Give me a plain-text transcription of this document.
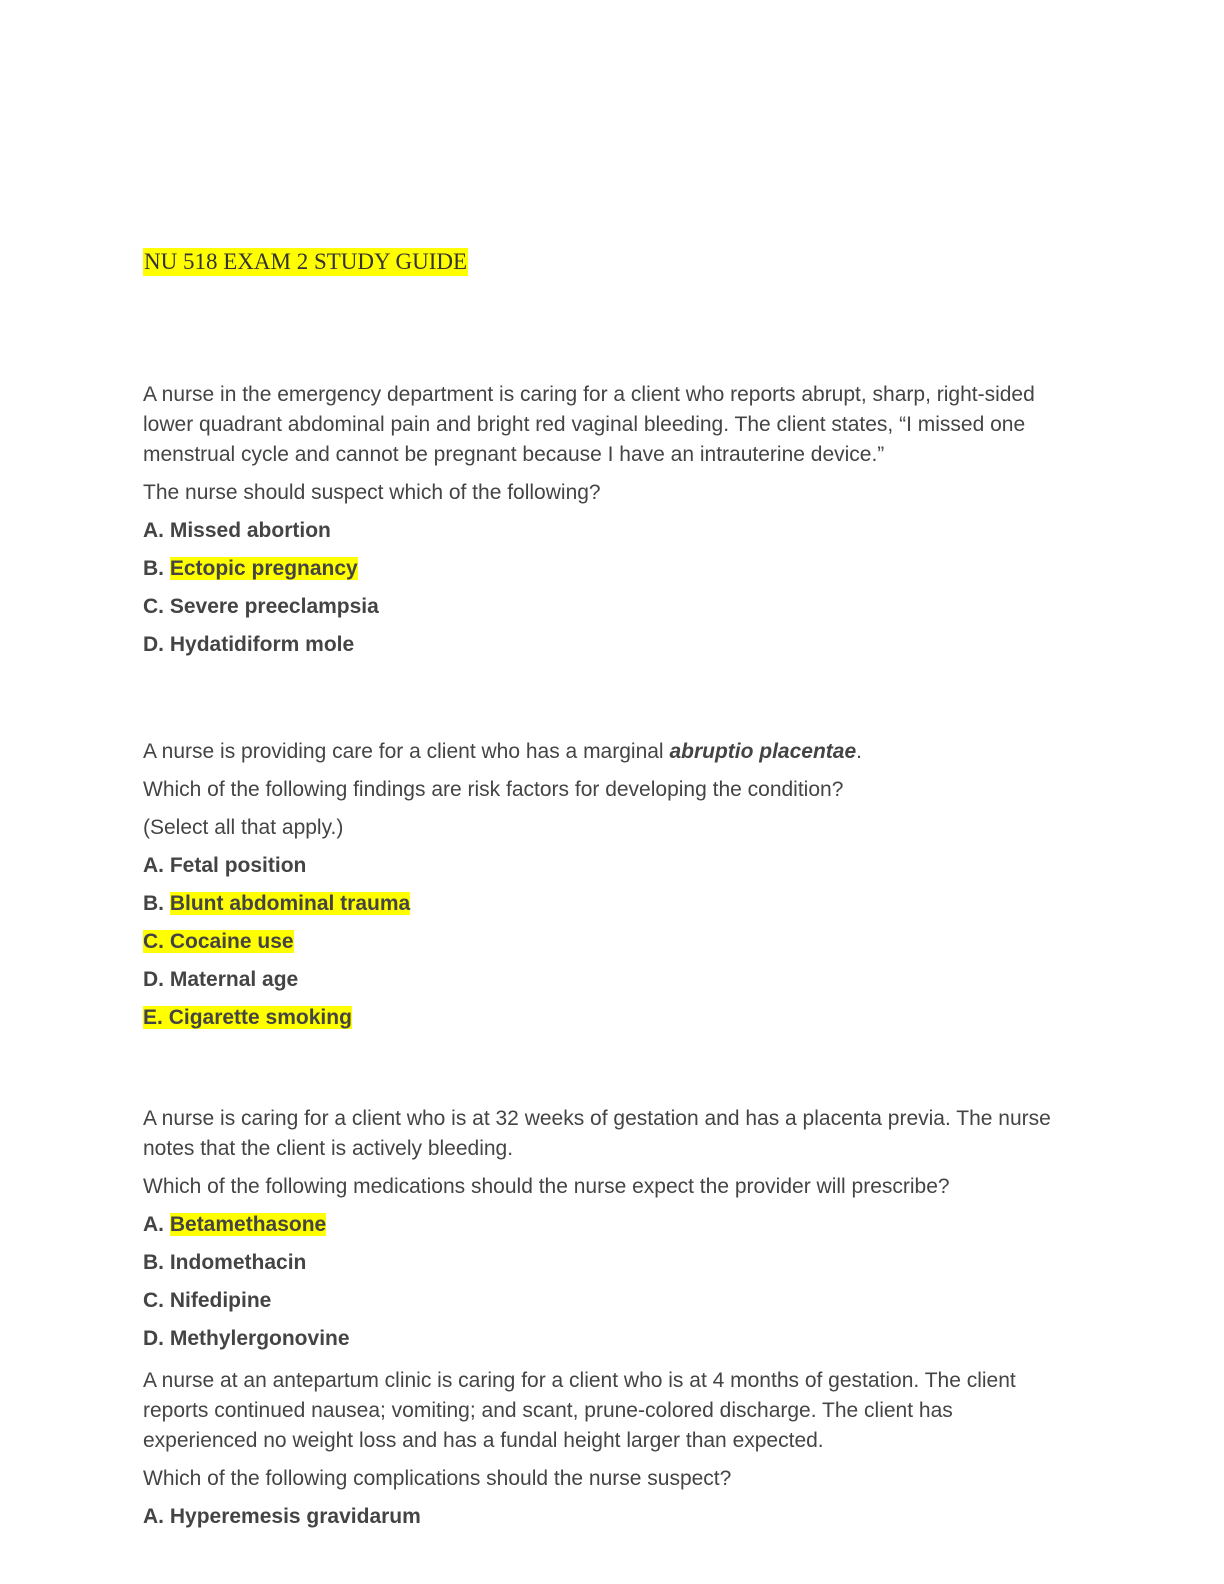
NU 518 EXAM 2 STUDY GUIDE

A nurse in the emergency department is caring for a client who reports abrupt, sharp, right-sided lower quadrant abdominal pain and bright red vaginal bleeding. The client states, “I missed one menstrual cycle and cannot be pregnant because I have an intrauterine device.”

The nurse should suspect which of the following?

A. Missed abortion

B. Ectopic pregnancy

C. Severe preeclampsia

D. Hydatidiform mole

A nurse is providing care for a client who has a marginal abruptio placentae.

Which of the following findings are risk factors for developing the condition?

(Select all that apply.)

A. Fetal position

B. Blunt abdominal trauma

C. Cocaine use

D. Maternal age

E. Cigarette smoking

A nurse is caring for a client who is at 32 weeks of gestation and has a placenta previa. The nurse notes that the client is actively bleeding.

Which of the following medications should the nurse expect the provider will prescribe?

A. Betamethasone

B. Indomethacin

C. Nifedipine

D. Methylergonovine

A nurse at an antepartum clinic is caring for a client who is at 4 months of gestation. The client reports continued nausea; vomiting; and scant, prune-colored discharge. The client has experienced no weight loss and has a fundal height larger than expected.

Which of the following complications should the nurse suspect?

A. Hyperemesis gravidarum
